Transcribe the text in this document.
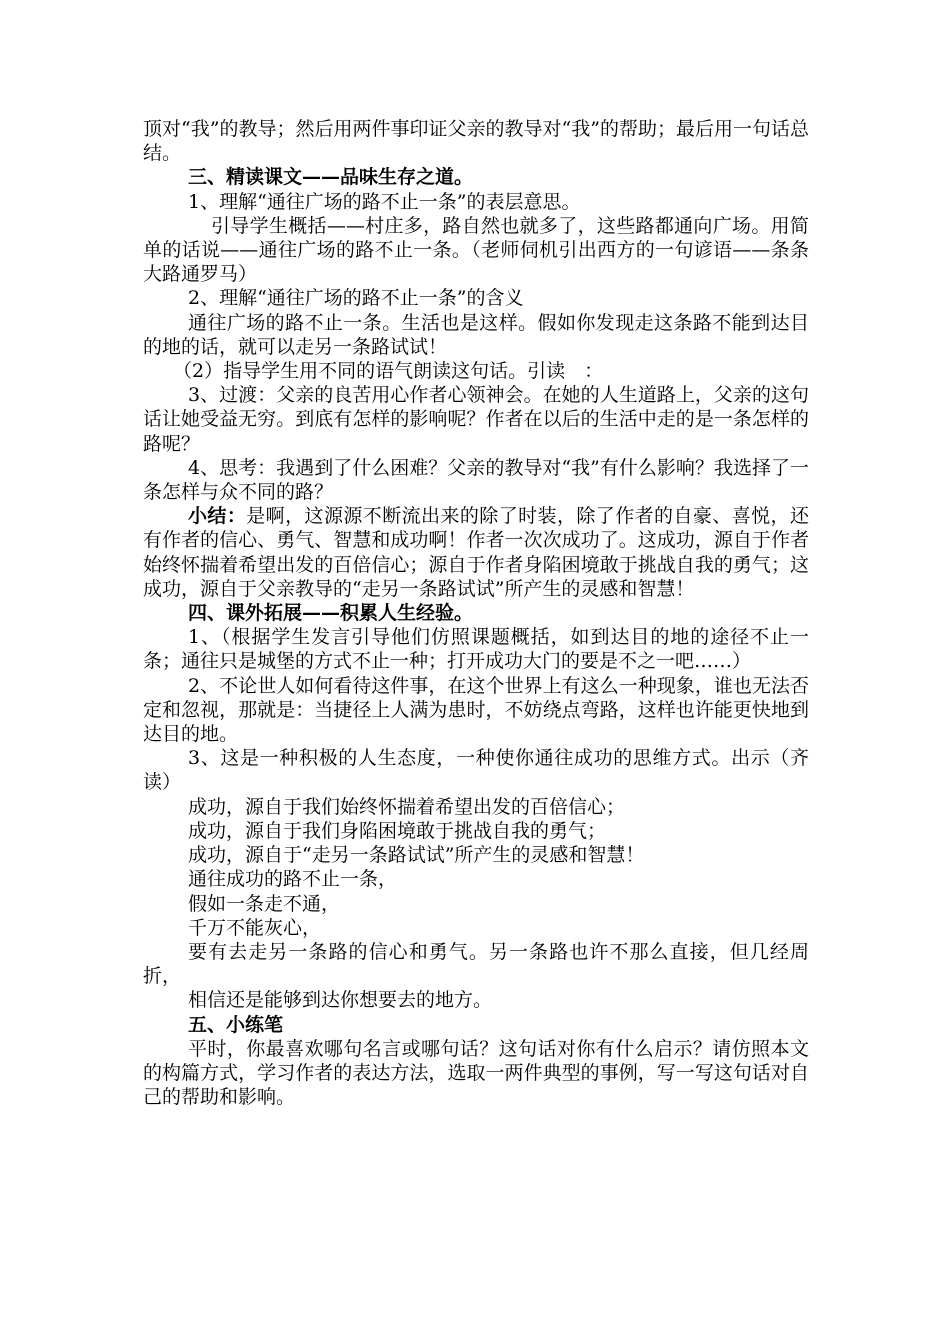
顶对“我”的教导；然后用两件事印证父亲的教导对“我”的帮助；最后用一句话总结。

三、精读课文——品味生存之道。

1、理解“通往广场的路不止一条”的表层意思。

引导学生概括——村庄多，路自然也就多了，这些路都通向广场。用简单的话说——通往广场的路不止一条。（老师伺机引出西方的一句谚语——条条大路通罗马）

2、理解“通往广场的路不止一条”的含义

通往广场的路不止一条。生活也是这样。假如你发现走这条路不能到达目的地的话，就可以走另一条路试试！

（2）指导学生用不同的语气朗读这句话。引读　：

3、过渡：父亲的良苦用心作者心领神会。在她的人生道路上，父亲的这句话让她受益无穷。到底有怎样的影响呢？作者在以后的生活中走的是一条怎样的路呢？

4、思考：我遇到了什么困难？父亲的教导对“我”有什么影响？我选择了一条怎样与众不同的路？

小结：是啊，这源源不断流出来的除了时装，除了作者的自豪、喜悦，还有作者的信心、勇气、智慧和成功啊！作者一次次成功了。这成功，源自于作者始终怀揣着希望出发的百倍信心；源自于作者身陷困境敢于挑战自我的勇气；这成功，源自于父亲教导的“走另一条路试试”所产生的灵感和智慧！

四、课外拓展——积累人生经验。

1、（根据学生发言引导他们仿照课题概括，如到达目的地的途径不止一条；通往只是城堡的方式不止一种；打开成功大门的要是不之一吧……）

2、不论世人如何看待这件事，在这个世界上有这么一种现象，谁也无法否定和忽视，那就是：当捷径上人满为患时，不妨绕点弯路，这样也许能更快地到达目的地。

3、这是一种积极的人生态度，一种使你通往成功的思维方式。出示（齐读）

成功，源自于我们始终怀揣着希望出发的百倍信心；

成功，源自于我们身陷困境敢于挑战自我的勇气；

成功，源自于“走另一条路试试”所产生的灵感和智慧！

通往成功的路不止一条，

假如一条走不通，

千万不能灰心，

要有去走另一条路的信心和勇气。另一条路也许不那么直接，但几经周折，

相信还是能够到达你想要去的地方。

五、小练笔

平时，你最喜欢哪句名言或哪句话？这句话对你有什么启示？请仿照本文的构篇方式，学习作者的表达方法，选取一两件典型的事例，写一写这句话对自己的帮助和影响。
